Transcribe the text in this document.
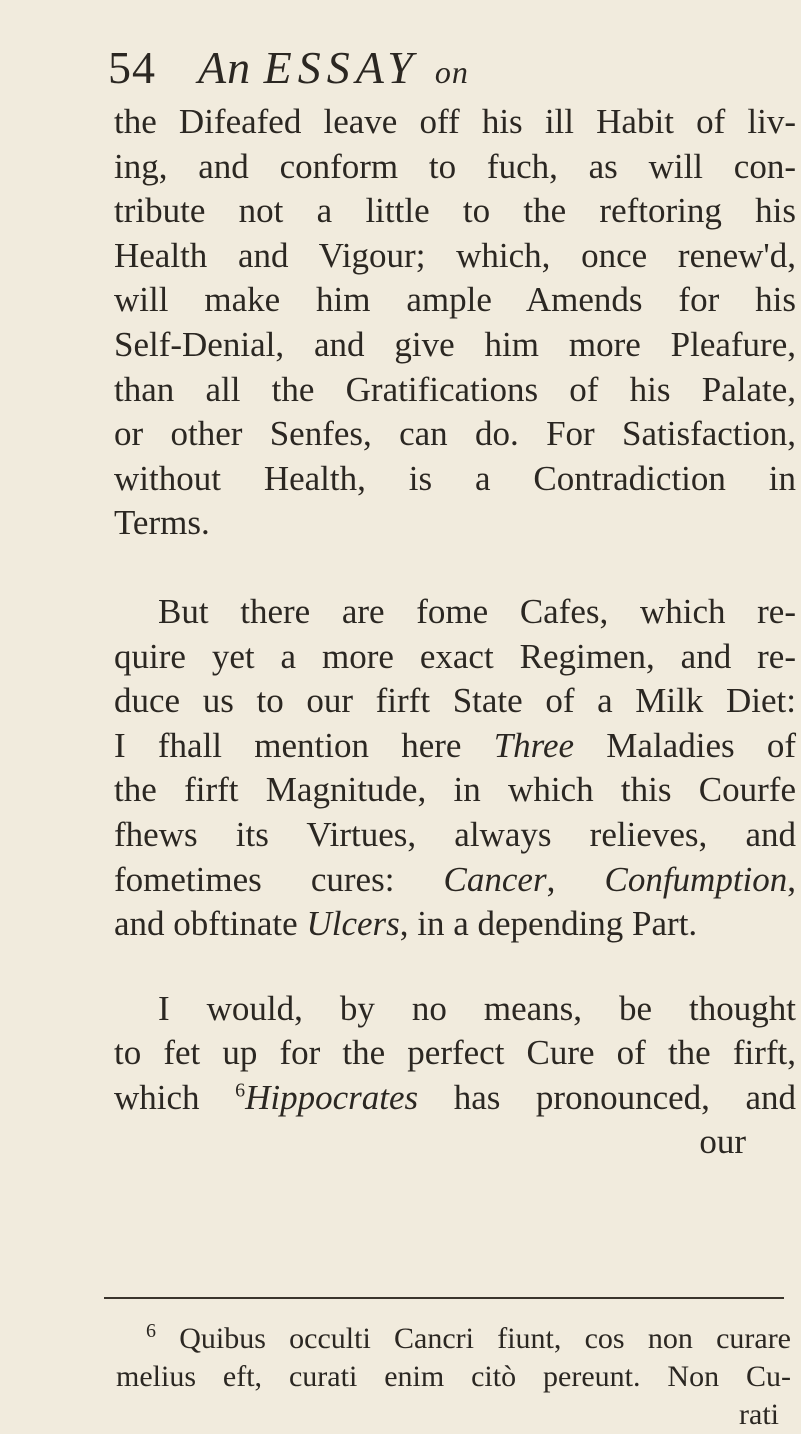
54 An ESSAY on
the Difeafed leave off his ill Habit of liv-
ing, and conform to fuch, as will con-
tribute not a little to the reftoring his
Health and Vigour; which, once renew'd,
will make him ample Amends for his
Self-Denial, and give him more Pleafure,
than all the Gratifications of his Palate,
or other Senfes, can do. For Satisfaction,
without Health, is a Contradiction in
Terms.
But there are fome Cafes, which re-
quire yet a more exact Regimen, and re-
duce us to our firft State of a Milk Diet:
I fhall mention here Three Maladies of
the firft Magnitude, in which this Courfe
fhews its Virtues, always relieves, and
fometimes cures: Cancer, Confumption,
and obftinate Ulcers, in a depending Part.
I would, by no means, be thought
to fet up for the perfect Cure of the firft,
which $^6$Hippocrates has pronounced, and
our
$^6$ Quibus occulti Cancri fiunt, cos non curare
melius eft, curati enim citò pereunt. Non Cu-
rati
